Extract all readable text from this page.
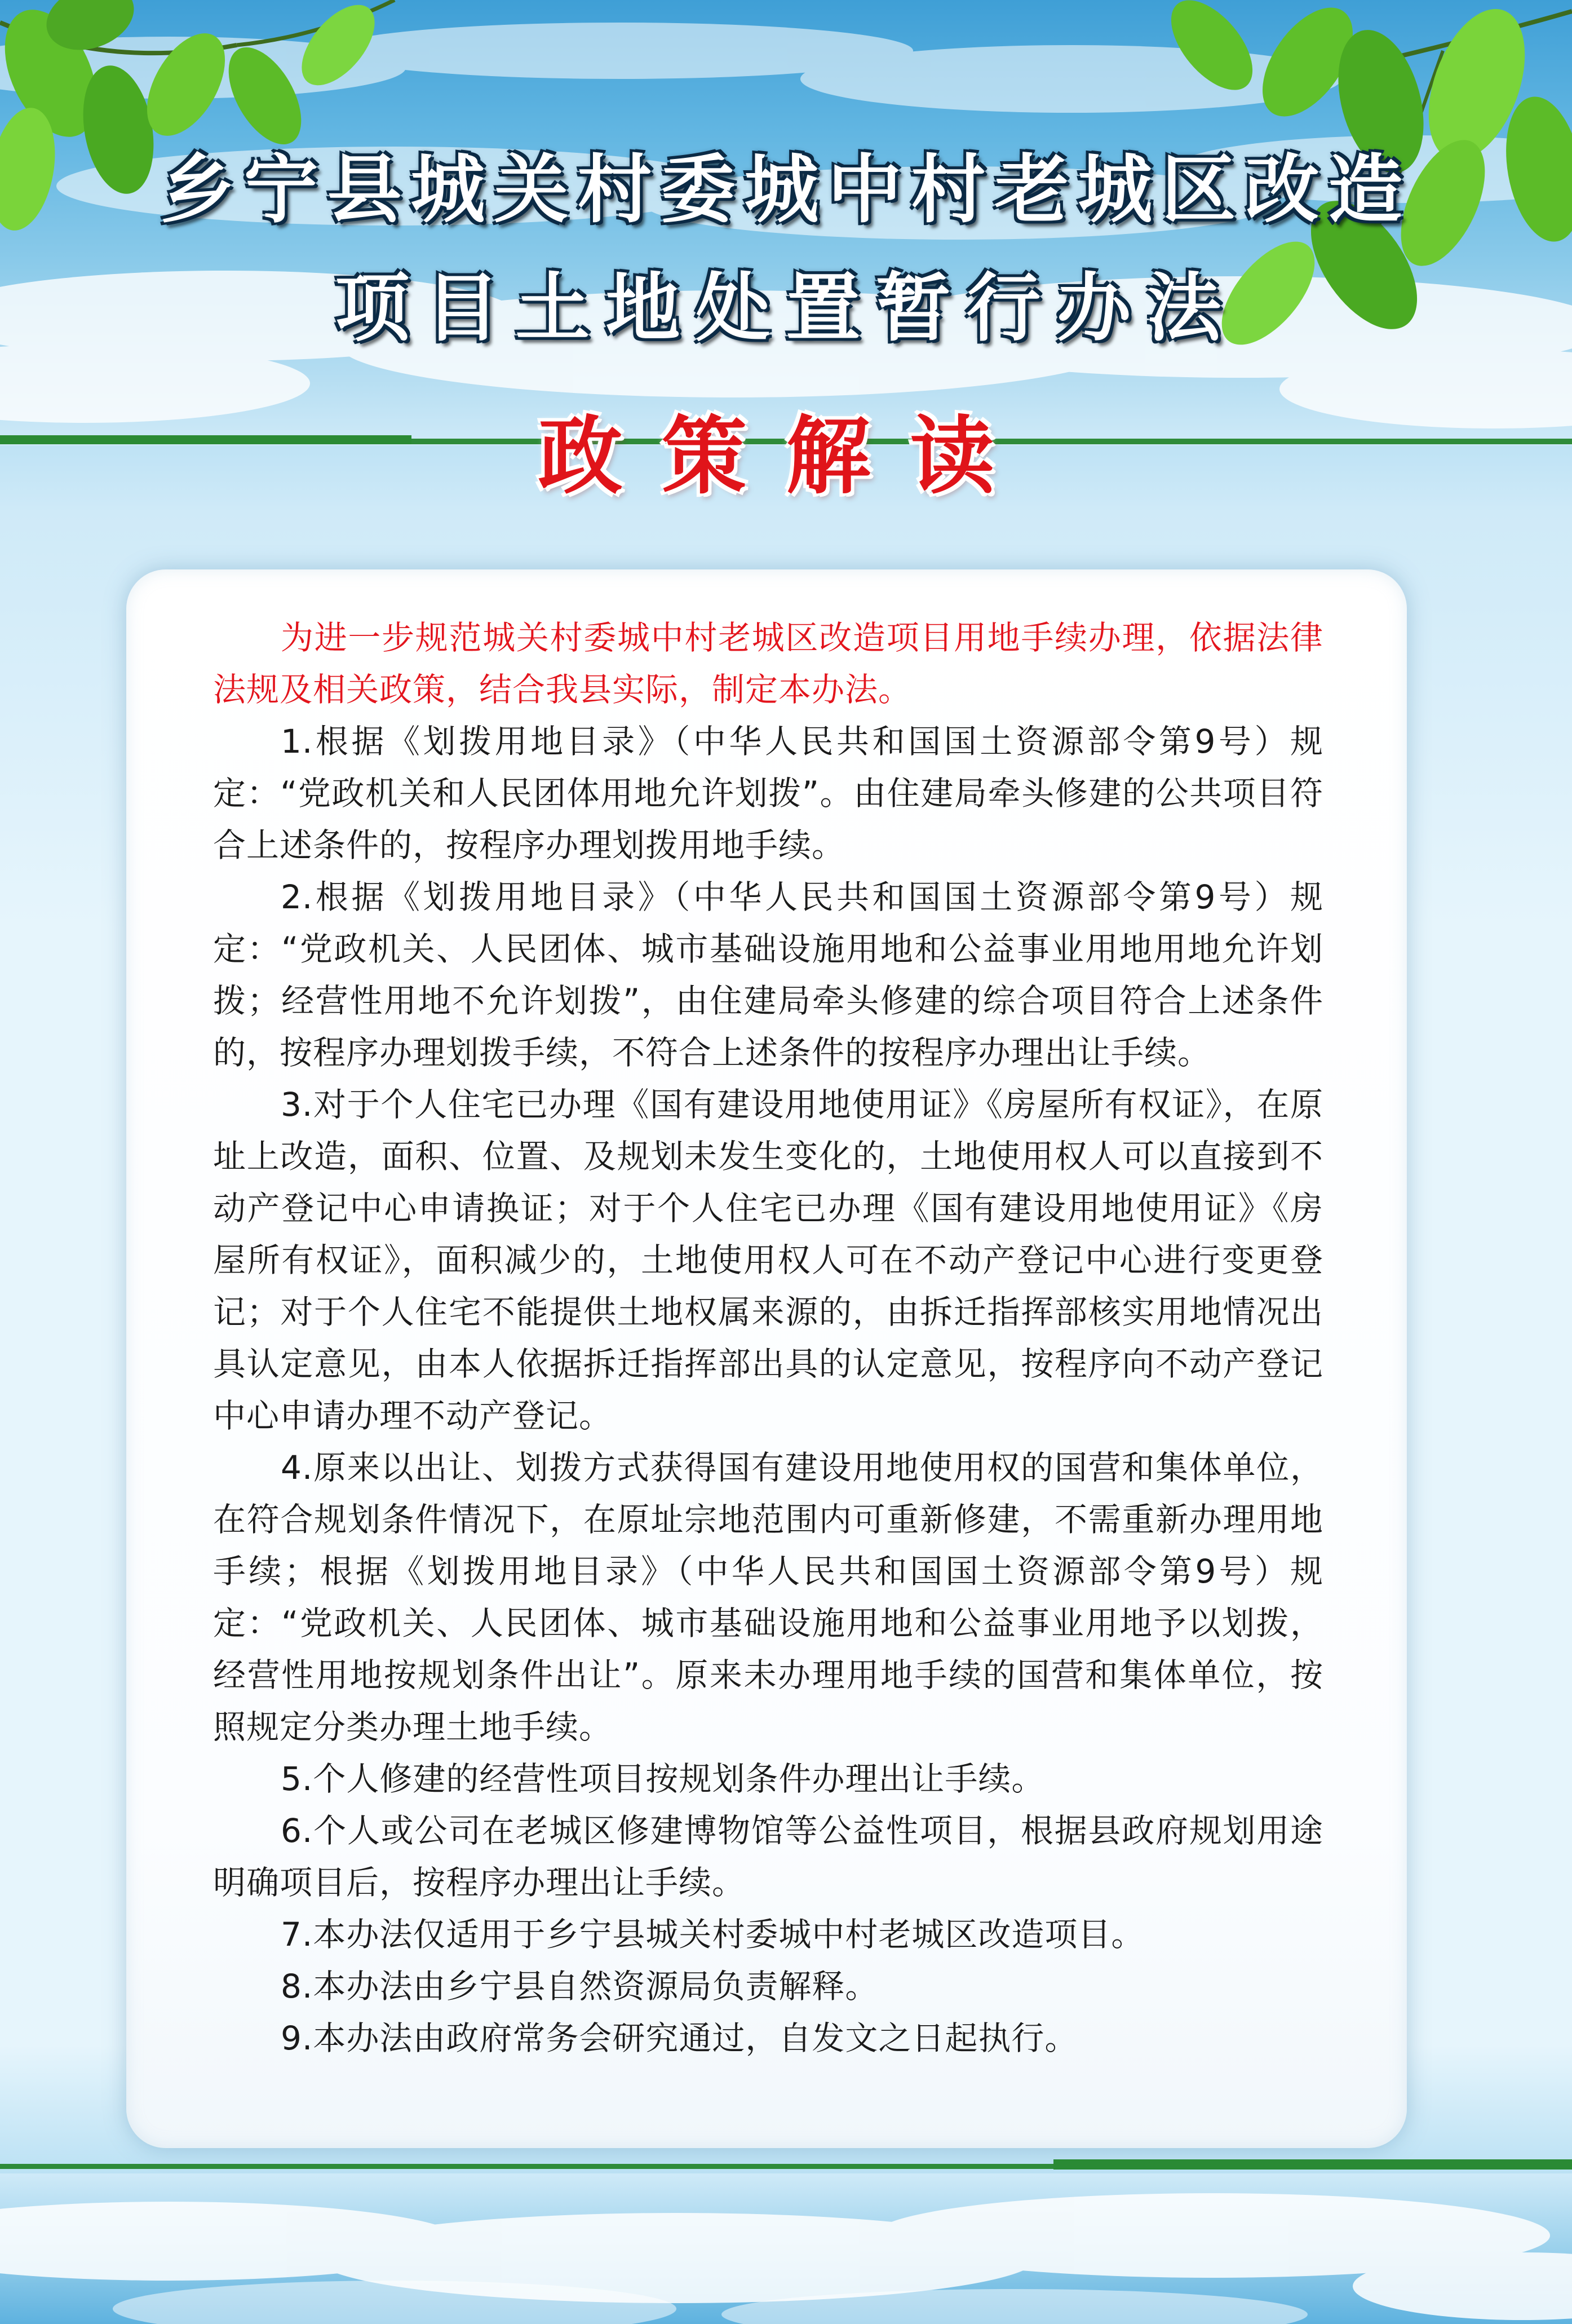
乡宁县城关村委城中村老城区改造
项目土地处置暂行办法
政策解读

为进一步规范城关村委城中村老城区改造项目用地手续办理，依据法律法规及相关政策，结合我县实际，制定本办法。

1.根据《划拨用地目录》（中华人民共和国国土资源部令第9号）规定：“党政机关和人民团体用地允许划拨”。由住建局牵头修建的公共项目符合上述条件的，按程序办理划拨用地手续。

2.根据《划拨用地目录》（中华人民共和国国土资源部令第9号）规定：“党政机关、人民团体、城市基础设施用地和公益事业用地用地允许划拨；经营性用地不允许划拨”，由住建局牵头修建的综合项目符合上述条件的，按程序办理划拨手续，不符合上述条件的按程序办理出让手续。

3.对于个人住宅已办理《国有建设用地使用证》《房屋所有权证》，在原址上改造，面积、位置、及规划未发生变化的，土地使用权人可以直接到不动产登记中心申请换证；对于个人住宅已办理《国有建设用地使用证》《房屋所有权证》，面积减少的，土地使用权人可在不动产登记中心进行变更登记；对于个人住宅不能提供土地权属来源的，由拆迁指挥部核实用地情况出具认定意见，由本人依据拆迁指挥部出具的认定意见，按程序向不动产登记中心申请办理不动产登记。

4.原来以出让、划拨方式获得国有建设用地使用权的国营和集体单位，在符合规划条件情况下，在原址宗地范围内可重新修建，不需重新办理用地手续；根据《划拨用地目录》（中华人民共和国国土资源部令第9号）规定：“党政机关、人民团体、城市基础设施用地和公益事业用地予以划拨，经营性用地按规划条件出让”。原来未办理用地手续的国营和集体单位，按照规定分类办理土地手续。

5.个人修建的经营性项目按规划条件办理出让手续。

6.个人或公司在老城区修建博物馆等公益性项目，根据县政府规划用途明确项目后，按程序办理出让手续。

7.本办法仅适用于乡宁县城关村委城中村老城区改造项目。

8.本办法由乡宁县自然资源局负责解释。

9.本办法由政府常务会研究通过，自发文之日起执行。
